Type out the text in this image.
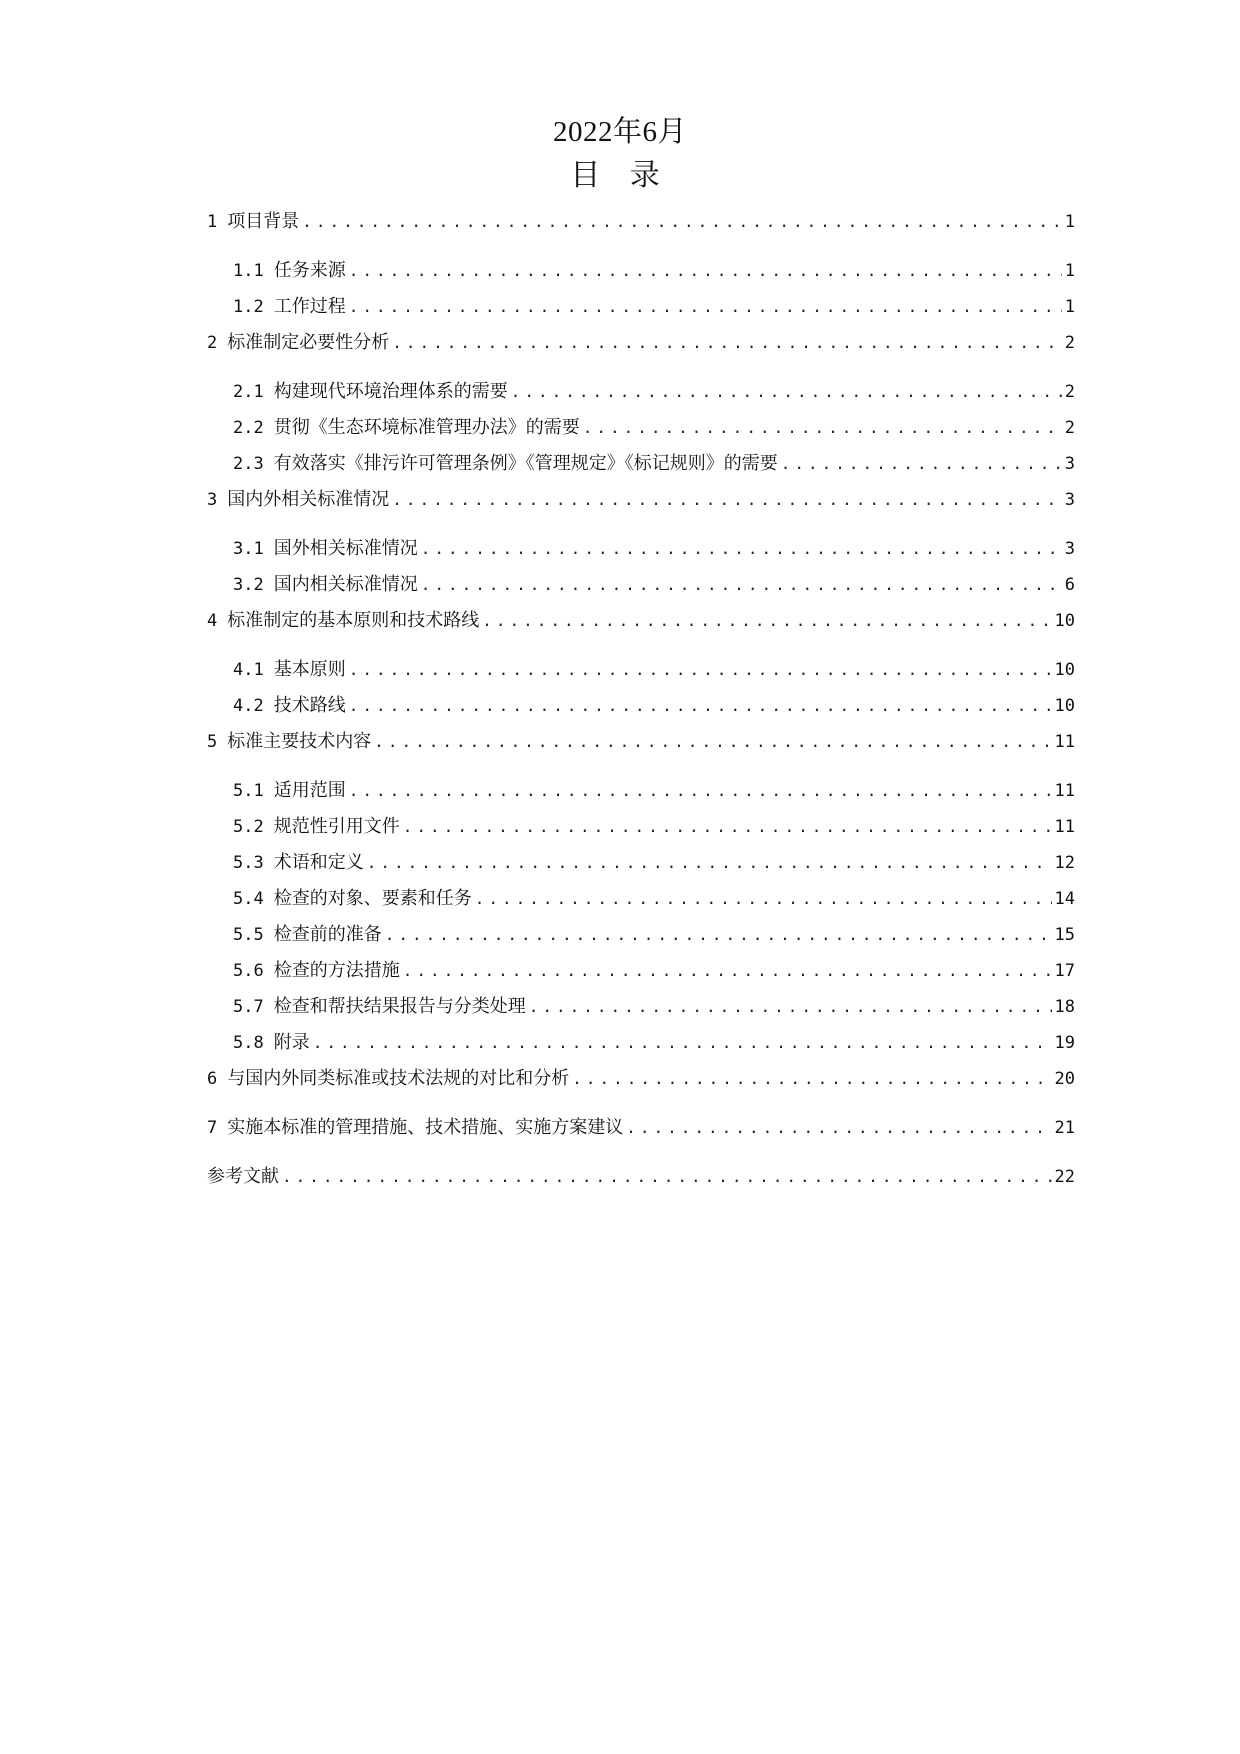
2022年6月
目 录
1 项目背景 .....	1
1.1 任务来源 .....	1
1.2 工作过程 .....	1
2 标准制定必要性分析 .....	2
2.1 构建现代环境治理体系的需要 .....	2
2.2 贯彻《生态环境标准管理办法》的需要 .....	2
2.3 有效落实《排污许可管理条例》《管理规定》《标记规则》的需要 .....	3
3 国内外相关标准情况 .....	3
3.1 国外相关标准情况 .....	3
3.2 国内相关标准情况 .....	6
4 标准制定的基本原则和技术路线 .....	10
4.1 基本原则 .....	10
4.2 技术路线 .....	10
5 标准主要技术内容 .....	11
5.1 适用范围 .....	11
5.2 规范性引用文件 .....	11
5.3 术语和定义 .....	12
5.4 检查的对象、要素和任务 .....	14
5.5 检查前的准备 .....	15
5.6 检查的方法措施 .....	17
5.7 检查和帮扶结果报告与分类处理 .....	18
5.8 附录 .....	19
6 与国内外同类标准或技术法规的对比和分析 .....	20
7 实施本标准的管理措施、技术措施、实施方案建议 .....	21
参考文献 .....	22
